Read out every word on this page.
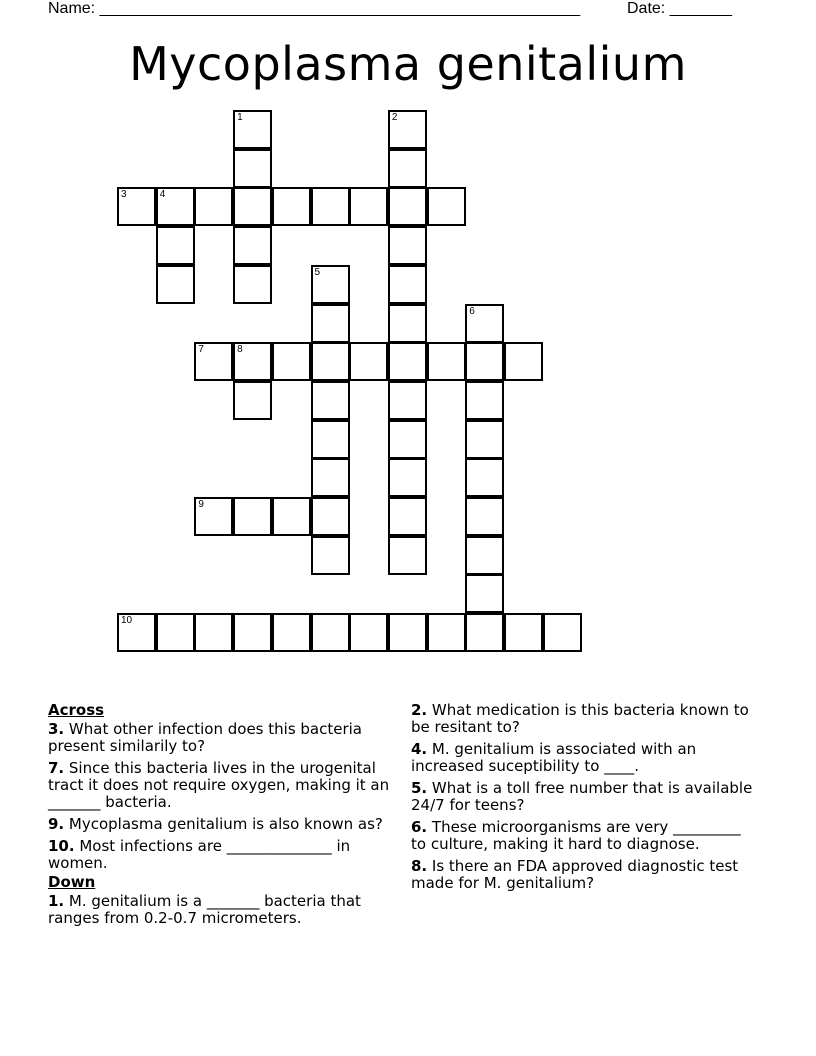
Name: ______________________________________________________	Date: _______
Mycoplasma genitalium
1	2
3	4
5
6
7	8
9
10
Across
3. What other infection does this bacteria present similarily to?
7. Since this bacteria lives in the urogenital tract it does not require oxygen, making it an _______ bacteria.
9. Mycoplasma genitalium is also known as?
10. Most infections are ______________ in women.
Down
1. M. genitalium is a _______ bacteria that ranges from 0.2-0.7 micrometers.
2. What medication is this bacteria known to be resitant to?
4. M. genitalium is associated with an increased suceptibility to ____.
5. What is a toll free number that is available 24/7 for teens?
6. These microorganisms are very _________ to culture, making it hard to diagnose.
8. Is there an FDA approved diagnostic test made for M. genitalium?
